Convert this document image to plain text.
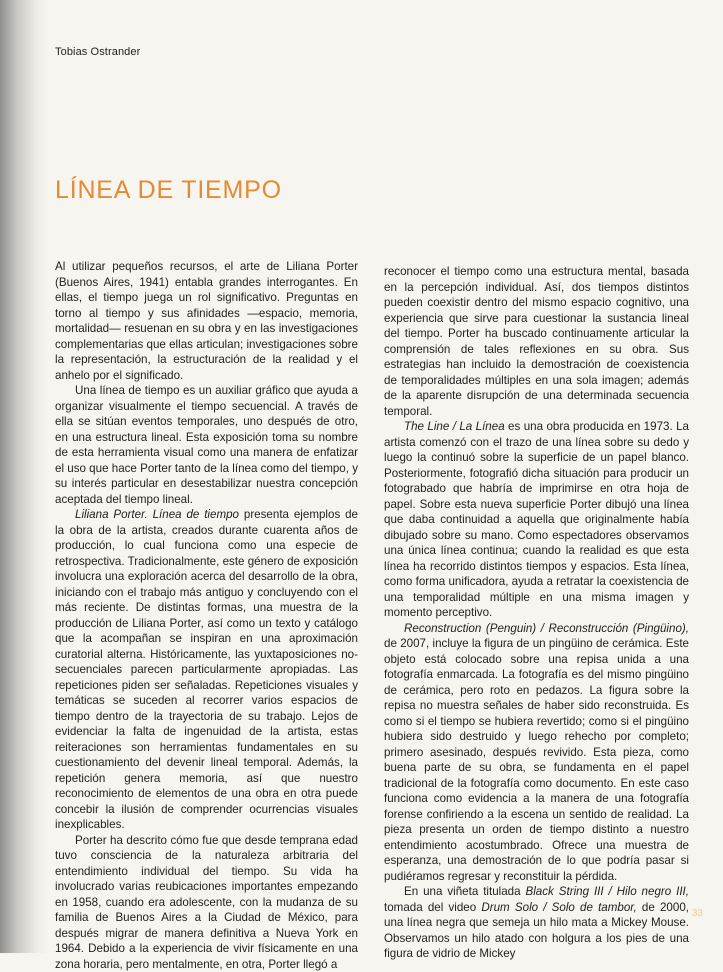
Tobias Ostrander
LÍNEA DE TIEMPO

Al utilizar pequeños recursos, el arte de Liliana Porter (Buenos Aires, 1941) entabla grandes interrogantes. En ellas, el tiempo juega un rol significativo. Preguntas en torno al tiempo y sus afinidades —espacio, memoria, mortalidad— resuenan en su obra y en las investigaciones complementarias que ellas articulan; investigaciones sobre la representación, la estructuración de la realidad y el anhelo por el significado.

Una línea de tiempo es un auxiliar gráfico que ayuda a organizar visualmente el tiempo secuencial. A través de ella se sitúan eventos temporales, uno después de otro, en una estructura lineal. Esta exposición toma su nombre de esta herramienta visual como una manera de enfatizar el uso que hace Porter tanto de la línea como del tiempo, y su interés particular en desestabilizar nuestra concepción aceptada del tiempo lineal.

Liliana Porter. Línea de tiempo presenta ejemplos de la obra de la artista, creados durante cuarenta años de producción, lo cual funciona como una especie de retrospectiva. Tradicionalmente, este género de exposición involucra una exploración acerca del desarrollo de la obra, iniciando con el trabajo más antiguo y concluyendo con el más reciente. De distintas formas, una muestra de la producción de Liliana Porter, así como un texto y catálogo que la acompañan se inspiran en una aproximación curatorial alterna. Históricamente, las yuxtaposiciones no-secuenciales parecen particularmente apropiadas. Las repeticiones piden ser señaladas. Repeticiones visuales y temáticas se suceden al recorrer varios espacios de tiempo dentro de la trayectoria de su trabajo. Lejos de evidenciar la falta de ingenuidad de la artista, estas reiteraciones son herramientas fundamentales en su cuestionamiento del devenir lineal temporal. Además, la repetición genera memoria, así que nuestro reconocimiento de elementos de una obra en otra puede concebir la ilusión de comprender ocurrencias visuales inexplicables.

Porter ha descrito cómo fue que desde temprana edad tuvo consciencia de la naturaleza arbitraria del entendimiento individual del tiempo. Su vida ha involucrado varias reubicaciones importantes empezando en 1958, cuando era adolescente, con la mudanza de su familia de Buenos Aires a la Ciudad de México, para después migrar de manera definitiva a Nueva York en 1964. Debido a la experiencia de vivir físicamente en una zona horaria, pero mentalmente, en otra, Porter llegó a

reconocer el tiempo como una estructura mental, basada en la percepción individual. Así, dos tiempos distintos pueden coexistir dentro del mismo espacio cognitivo, una experiencia que sirve para cuestionar la sustancia lineal del tiempo. Porter ha buscado continuamente articular la comprensión de tales reflexiones en su obra. Sus estrategias han incluido la demostración de coexistencia de temporalidades múltiples en una sola imagen; además de la aparente disrupción de una determinada secuencia temporal.

The Line / La Línea es una obra producida en 1973. La artista comenzó con el trazo de una línea sobre su dedo y luego la continuó sobre la superficie de un papel blanco. Posteriormente, fotografió dicha situación para producir un fotograbado que habría de imprimirse en otra hoja de papel. Sobre esta nueva superficie Porter dibujó una línea que daba continuidad a aquella que originalmente había dibujado sobre su mano. Como espectadores observamos una única línea continua; cuando la realidad es que esta línea ha recorrido distintos tiempos y espacios. Esta línea, como forma unificadora, ayuda a retratar la coexistencia de una temporalidad múltiple en una misma imagen y momento perceptivo.

Reconstruction (Penguin) / Reconstrucción (Pingüino), de 2007, incluye la figura de un pingüino de cerámica. Este objeto está colocado sobre una repisa unida a una fotografía enmarcada. La fotografía es del mismo pingüino de cerámica, pero roto en pedazos. La figura sobre la repisa no muestra señales de haber sido reconstruida. Es como si el tiempo se hubiera revertido; como si el pingüino hubiera sido destruido y luego rehecho por completo; primero asesinado, después revivido. Esta pieza, como buena parte de su obra, se fundamenta en el papel tradicional de la fotografía como documento. En este caso funciona como evidencia a la manera de una fotografía forense confiriendo a la escena un sentido de realidad. La pieza presenta un orden de tiempo distinto a nuestro entendimiento acostumbrado. Ofrece una muestra de esperanza, una demostración de lo que podría pasar si pudiéramos regresar y reconstituir la pérdida.

En una viñeta titulada Black String III / Hilo negro III, tomada del video Drum Solo / Solo de tambor, de 2000, una línea negra que semeja un hilo mata a Mickey Mouse. Observamos un hilo atado con holgura a los pies de una figura de vidrio de Mickey

33
